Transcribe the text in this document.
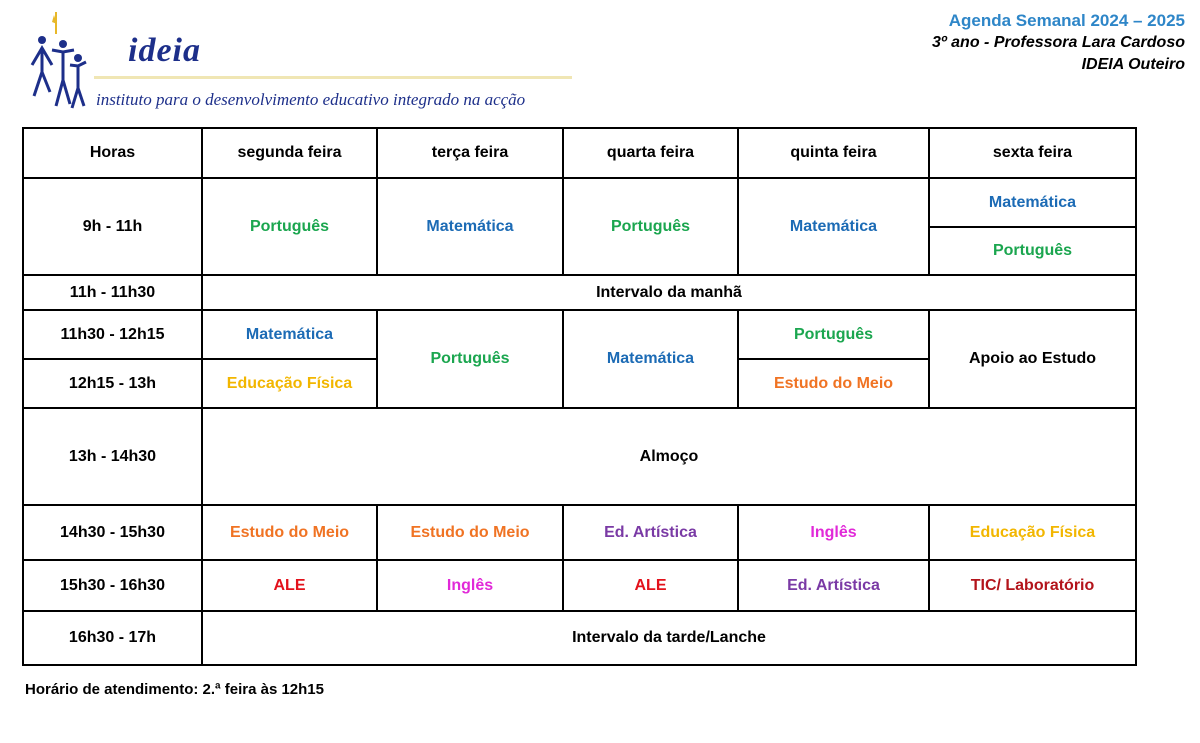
ideia
instituto para o desenvolvimento educativo integrado na acção
Agenda Semanal 2024 – 2025
3º ano - Professora Lara Cardoso
IDEIA Outeiro
Horas	segunda feira	terça feira	quarta feira	quinta feira	sexta feira
9h - 11h	Português	Matemática	Português	Matemática	Matemática
					Português
11h - 11h30	Intervalo da manhã				
11h30 - 12h15	Matemática	Português	Matemática	Português	Apoio ao Estudo
12h15 - 13h	Educação Física			Estudo do Meio	
13h - 14h30	Almoço				
14h30 - 15h30	Estudo do Meio	Estudo do Meio	Ed. Artística	Inglês	Educação Física
15h30 - 16h30	ALE	Inglês	ALE	Ed. Artística	TIC/ Laboratório
16h30 - 17h	Intervalo da tarde/Lanche				
Horário de atendimento: 2.ª feira às 12h15
